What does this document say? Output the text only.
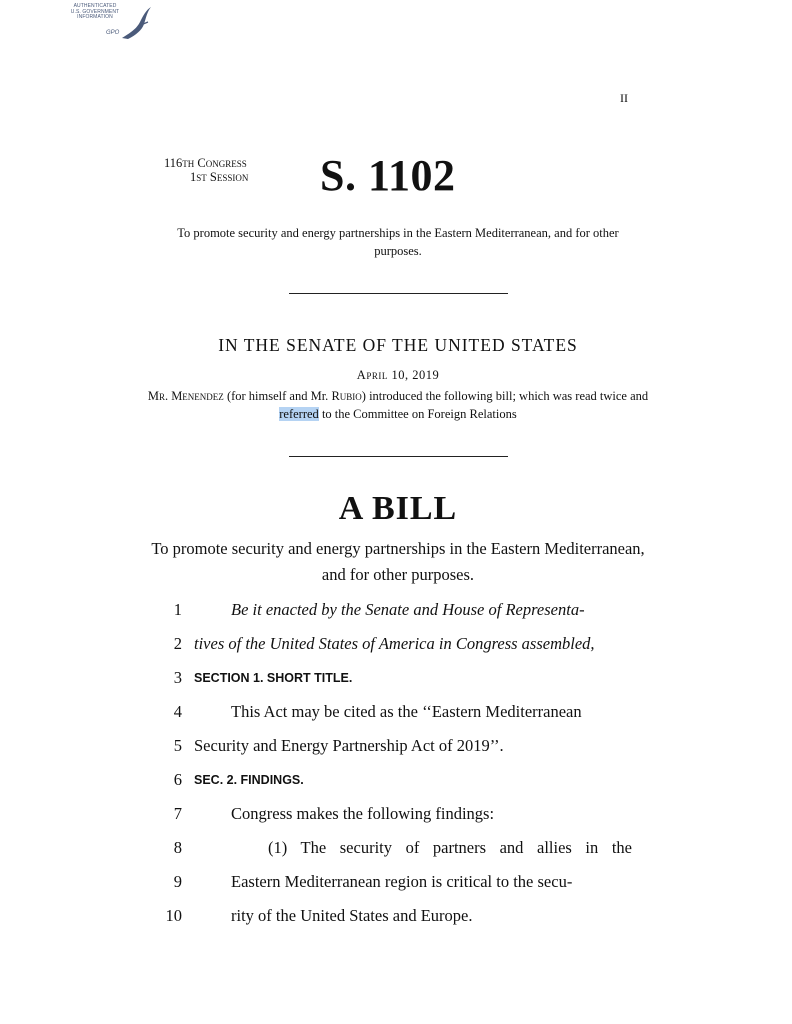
AUTHENTICATED
U.S. GOVERNMENT
INFORMATION
GPO
II
116th Congress
1st Session S. 1102
To promote security and energy partnerships in the Eastern Mediterranean, and for other purposes.
IN THE SENATE OF THE UNITED STATES
April 10, 2019
Mr. Menendez (for himself and Mr. Rubio) introduced the following bill; which was read twice and referred to the Committee on Foreign Relations
A BILL
To promote security and energy partnerships in the Eastern Mediterranean, and for other purposes.
1	Be it enacted by the Senate and House of Representa-
2 tives of the United States of America in Congress assembled,
3 SECTION 1. SHORT TITLE.
4	This Act may be cited as the ‘‘Eastern Mediterranean
5 Security and Energy Partnership Act of 2019’’.
6 SEC. 2. FINDINGS.
7	Congress makes the following findings:
8	(1) The security of partners and allies in the
9	Eastern Mediterranean region is critical to the secu-
10	rity of the United States and Europe.
